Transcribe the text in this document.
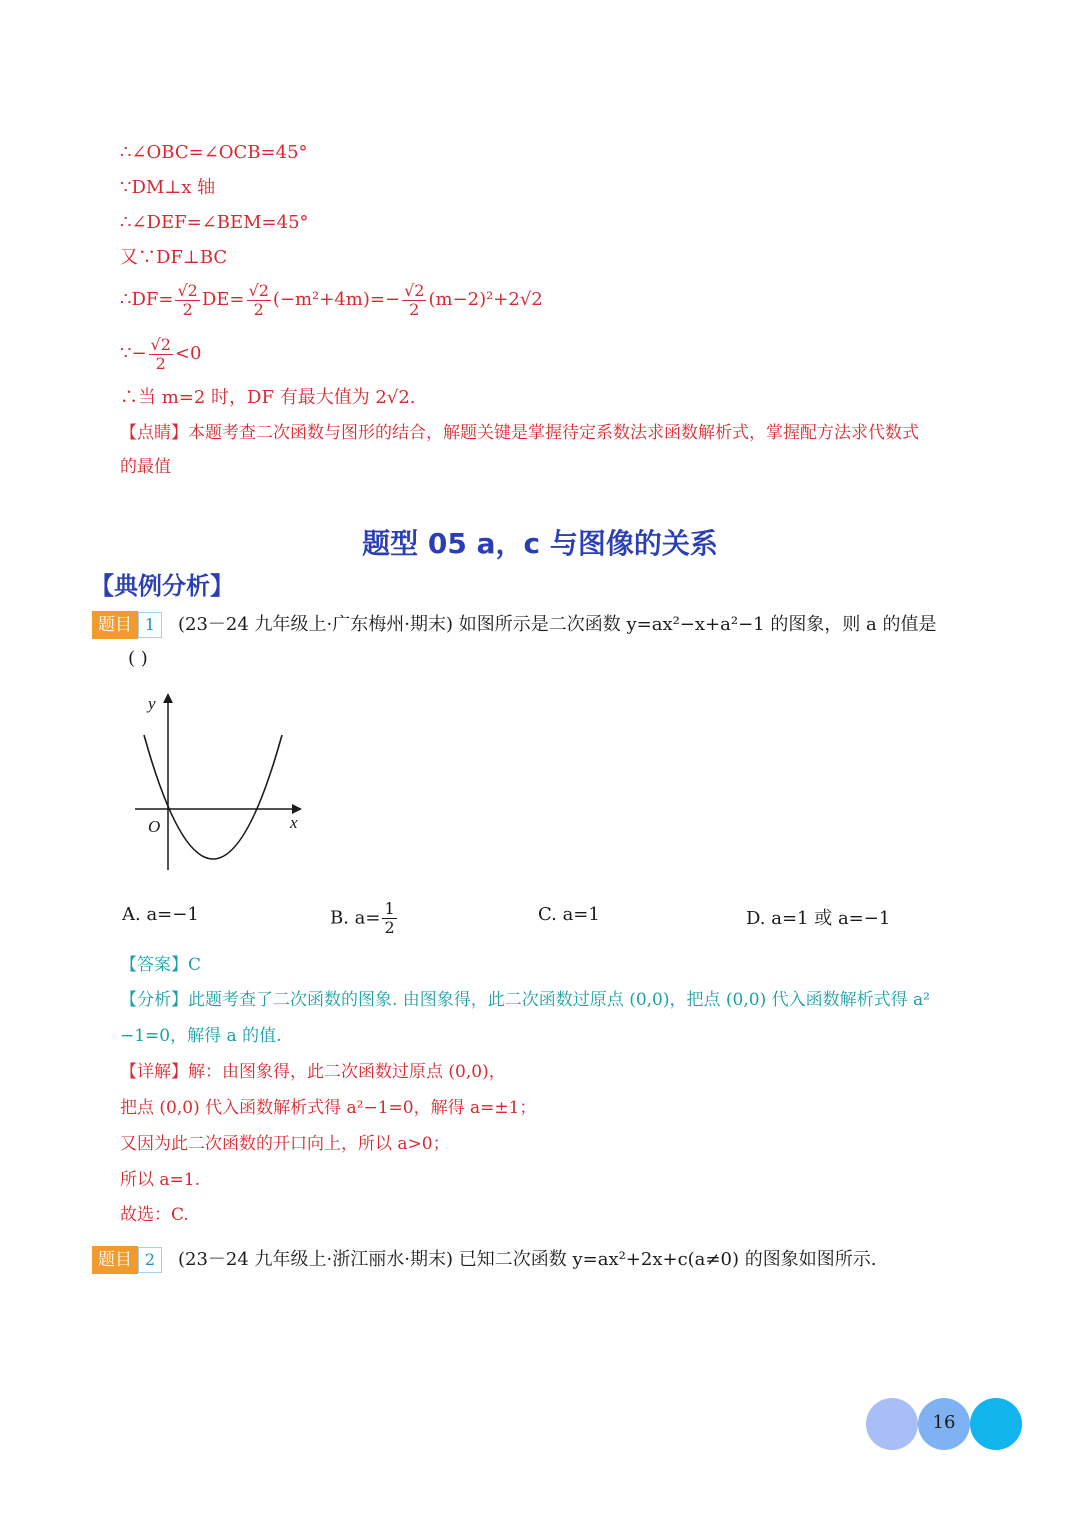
∴∠OBC=∠OCB=45°
∵DM⊥x 轴
∴∠DEF=∠BEM=45°
又∵DF⊥BC
∴DF= $\frac{√2}{2} DE= \frac{√2}{2} (-m^2+4m)=- \frac{√2}{2} (m-2)^2+2√2$
∵− $\frac{√2}{2} <0$
∴当 m=2 时，DF 有最大值为 2√2.
【点睛】本题考查二次函数与图形的结合，解题关键是掌握待定系数法求函数解析式，掌握配方法求代数式
的最值
题型 05 a，c 与图像的关系
【典例分析】
题目 1	(23－24 九年级上·广东梅州·期末) 如图所示是二次函数 y=ax²−x+a²−1 的图象，则 a 的值是
( )
y
x
O
A. a=−1	B. $a= \frac{1}{2}$	C. a=1	D. a=1 或 a=−1
【答案】C
【分析】此题考查了二次函数的图象. 由图象得，此二次函数过原点 (0,0)，把点 (0,0) 代入函数解析式得 a²
−1=0，解得 a 的值.
【详解】解：由图象得，此二次函数过原点 (0,0)，
把点 (0,0) 代入函数解析式得 a²−1=0，解得 a=±1；
又因为此二次函数的开口向上，所以 a>0；
所以 a=1.
故选：C.
题目 2	(23－24 九年级上·浙江丽水·期末) 已知二次函数 y=ax²+2x+c(a≠0) 的图象如图所示.
16
